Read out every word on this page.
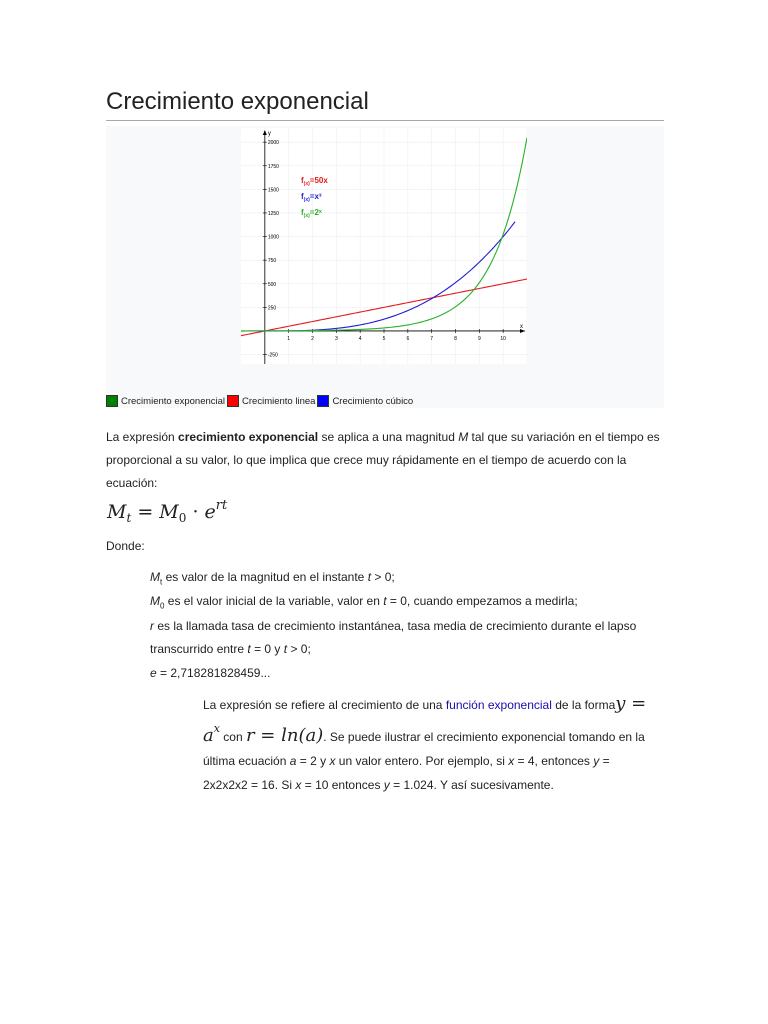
Crecimiento exponencial
x
y
1	2	3	4	5	6	7	8	9	10
-250
250
500
750
1000
1250
1500
1750
2000
$f_{(x)}=50x$
$f_{(x)}=x^3$
$f_{(x)}=2ˣ$
Crecimiento exponencial Crecimiento linea Crecimiento cúbico
La expresión crecimiento exponencial se aplica a una magnitud M tal que su variación en el tiempo es proporcional a su valor, lo que implica que crece muy rápidamente en el tiempo de acuerdo con la ecuación:
$M_t = M_0 \cdot e^{rt}$
Donde:
$M_t$ es valor de la magnitud en el instante t > 0;
$M_0$ es el valor inicial de la variable, valor en t = 0, cuando empezamos a medirla;
r es la llamada tasa de crecimiento instantánea, tasa media de crecimiento durante el lapso transcurrido entre t = 0 y t > 0;
e = 2,718281828459...
La expresión se refiere al crecimiento de una función exponencial de la formay = $a^x$ con r = ln(a). Se puede ilustrar el crecimiento exponencial tomando en la última ecuación a = 2 y x un valor entero. Por ejemplo, si x = 4, entonces y = 2x2x2x2 = 16. Si x = 10 entonces y = 1.024. Y así sucesivamente.
